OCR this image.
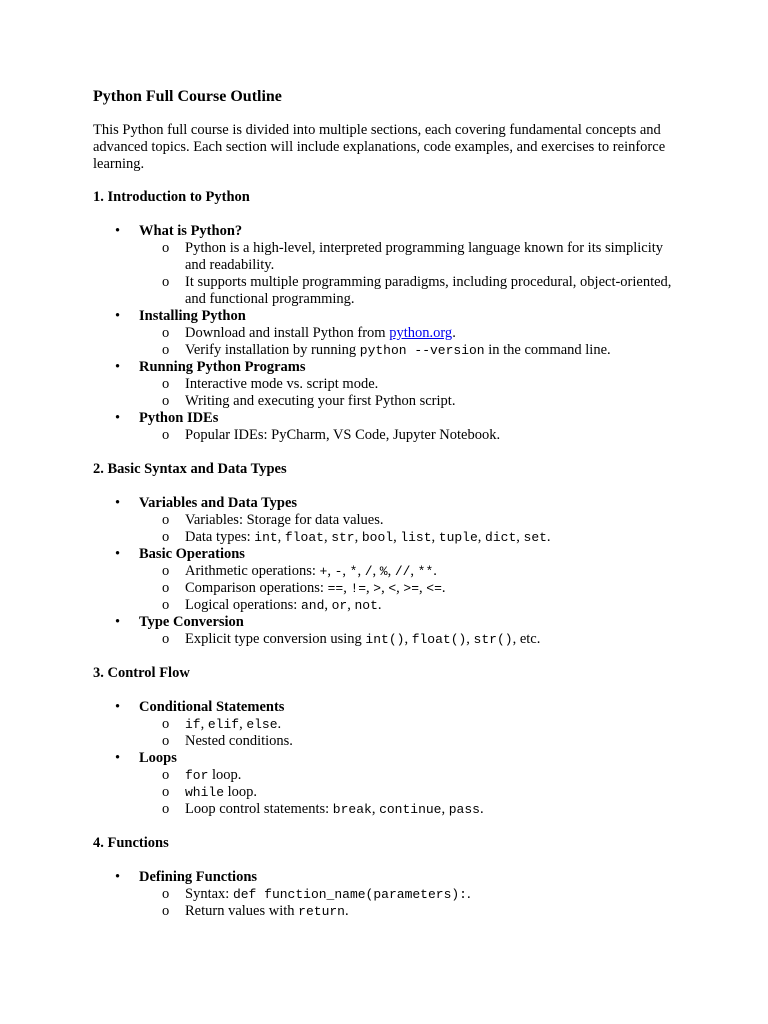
Python Full Course Outline

This Python full course is divided into multiple sections, each covering fundamental concepts and advanced topics. Each section will include explanations, code examples, and exercises to reinforce learning.

1. Introduction to Python
• What is Python?
o Python is a high-level, interpreted programming language known for its simplicity and readability.
o It supports multiple programming paradigms, including procedural, object-oriented, and functional programming.
• Installing Python
o Download and install Python from python.org.
o Verify installation by running python --version in the command line.
• Running Python Programs
o Interactive mode vs. script mode.
o Writing and executing your first Python script.
• Python IDEs
o Popular IDEs: PyCharm, VS Code, Jupyter Notebook.
2. Basic Syntax and Data Types
• Variables and Data Types
o Variables: Storage for data values.
o Data types: int, float, str, bool, list, tuple, dict, set.
• Basic Operations
o Arithmetic operations: +, -, *, /, %, //, **.
o Comparison operations: ==, !=, >, <, >=, <=.
o Logical operations: and, or, not.
• Type Conversion
o Explicit type conversion using int(), float(), str(), etc.
3. Control Flow
• Conditional Statements
o if, elif, else.
o Nested conditions.
• Loops
o for loop.
o while loop.
o Loop control statements: break, continue, pass.
4. Functions
• Defining Functions
o Syntax: def function_name(parameters):.
o Return values with return.
